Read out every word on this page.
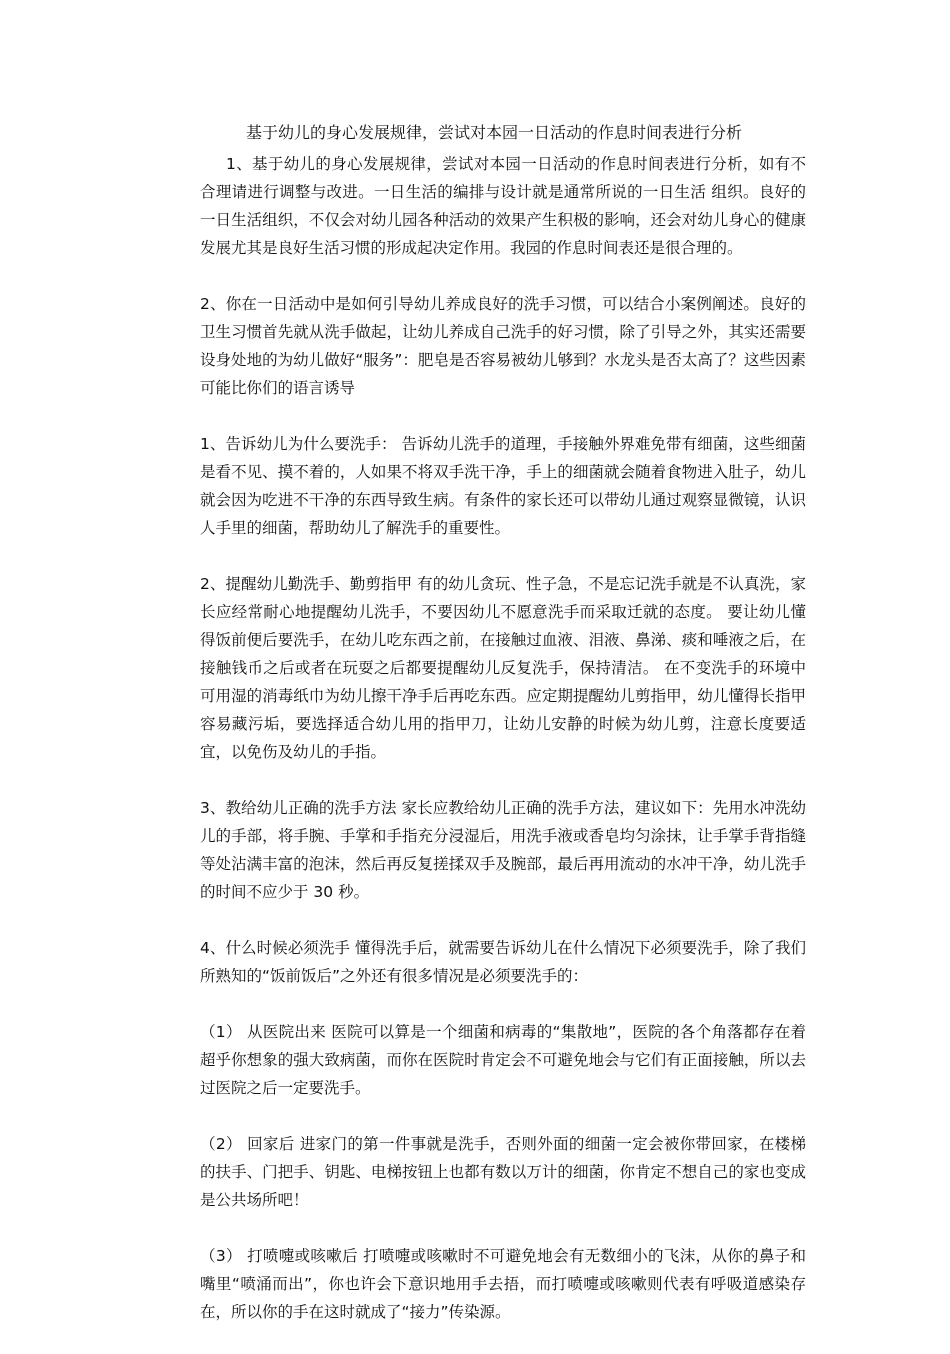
基于幼儿的身心发展规律，尝试对本园一日活动的作息时间表进行分析

1、基于幼儿的身心发展规律，尝试对本园一日活动的作息时间表进行分析，如有不合理请进行调整与改进。一日生活的编排与设计就是通常所说的一日生活 组织。良好的一日生活组织，不仅会对幼儿园各种活动的效果产生积极的影响，还会对幼儿身心的健康发展尤其是良好生活习惯的形成起决定作用。我园的作息时间表还是很合理的。

2、你在一日活动中是如何引导幼儿养成良好的洗手习惯，可以结合小案例阐述。良好的卫生习惯首先就从洗手做起，让幼儿养成自己洗手的好习惯，除了引导之外，其实还需要设身处地的为幼儿做好“服务”：肥皂是否容易被幼儿够到？水龙头是否太高了？这些因素可能比你们的语言诱导

1、告诉幼儿为什么要洗手： 告诉幼儿洗手的道理，手接触外界难免带有细菌，这些细菌是看不见、摸不着的，人如果不将双手洗干净，手上的细菌就会随着食物进入肚子，幼儿就会因为吃进不干净的东西导致生病。有条件的家长还可以带幼儿通过观察显微镜，认识人手里的细菌，帮助幼儿了解洗手的重要性。

2、提醒幼儿勤洗手、勤剪指甲 有的幼儿贪玩、性子急，不是忘记洗手就是不认真洗，家长应经常耐心地提醒幼儿洗手，不要因幼儿不愿意洗手而采取迁就的态度。 要让幼儿懂得饭前便后要洗手，在幼儿吃东西之前，在接触过血液、泪液、鼻涕、痰和唾液之后，在接触钱币之后或者在玩耍之后都要提醒幼儿反复洗手，保持清洁。 在不变洗手的环境中可用湿的消毒纸巾为幼儿擦干净手后再吃东西。应定期提醒幼儿剪指甲，幼儿懂得长指甲容易藏污垢，要选择适合幼儿用的指甲刀，让幼儿安静的时候为幼儿剪，注意长度要适宜，以免伤及幼儿的手指。

3、教给幼儿正确的洗手方法 家长应教给幼儿正确的洗手方法，建议如下：先用水冲洗幼儿的手部，将手腕、手掌和手指充分浸湿后，用洗手液或香皂均匀涂抹，让手掌手背指缝等处沾满丰富的泡沫，然后再反复搓揉双手及腕部，最后再用流动的水冲干净，幼儿洗手的时间不应少于 30 秒。

4、什么时候必须洗手 懂得洗手后，就需要告诉幼儿在什么情况下必须要洗手，除了我们所熟知的“饭前饭后”之外还有很多情况是必须要洗手的：

（1） 从医院出来 医院可以算是一个细菌和病毒的“集散地”，医院的各个角落都存在着超乎你想象的强大致病菌，而你在医院时肯定会不可避免地会与它们有正面接触，所以去过医院之后一定要洗手。

（2） 回家后 进家门的第一件事就是洗手，否则外面的细菌一定会被你带回家，在楼梯的扶手、门把手、钥匙、电梯按钮上也都有数以万计的细菌，你肯定不想自己的家也变成是公共场所吧！

（3） 打喷嚏或咳嗽后 打喷嚏或咳嗽时不可避免地会有无数细小的飞沫，从你的鼻子和嘴里“喷涌而出”，你也许会下意识地用手去捂，而打喷嚏或咳嗽则代表有呼吸道感染存在，所以你的手在这时就成了“接力”传染源。
